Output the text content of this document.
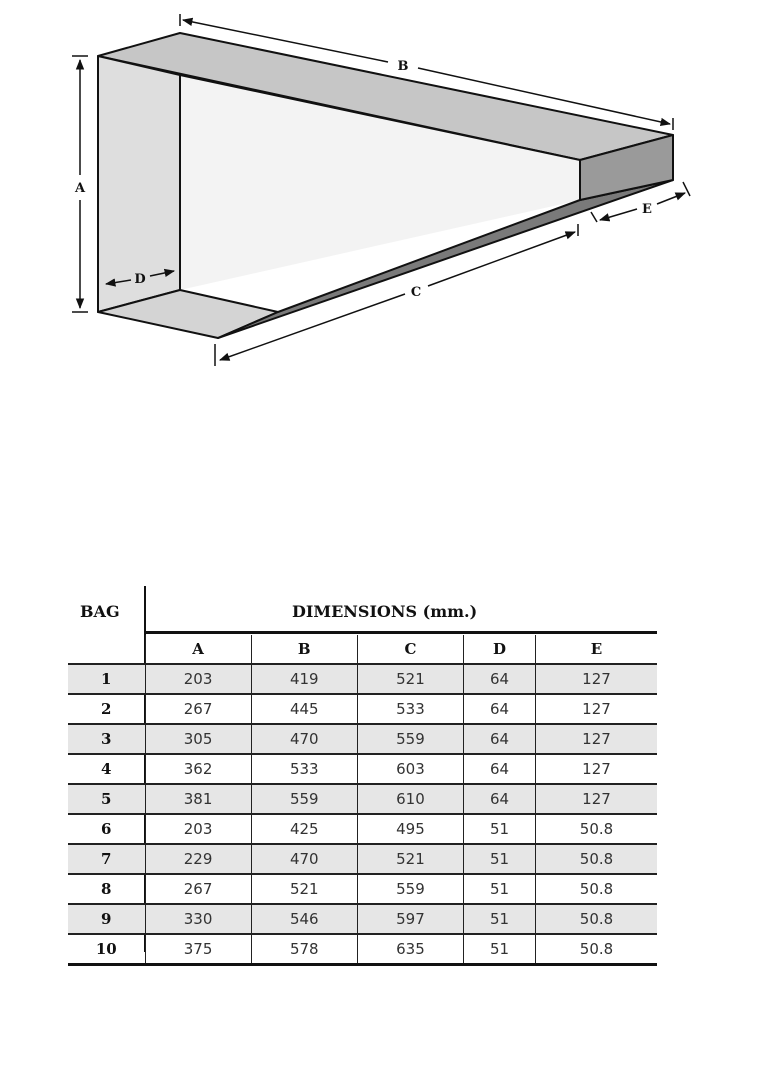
A
B
C
D
E
BAG	DIMENSIONS (mm.)
	A	B	C	D	E
1	203	419	521	64	127
2	267	445	533	64	127
3	305	470	559	64	127
4	362	533	603	64	127
5	381	559	610	64	127
6	203	425	495	51	50.8
7	229	470	521	51	50.8
8	267	521	559	51	50.8
9	330	546	597	51	50.8
10	375	578	635	51	50.8
